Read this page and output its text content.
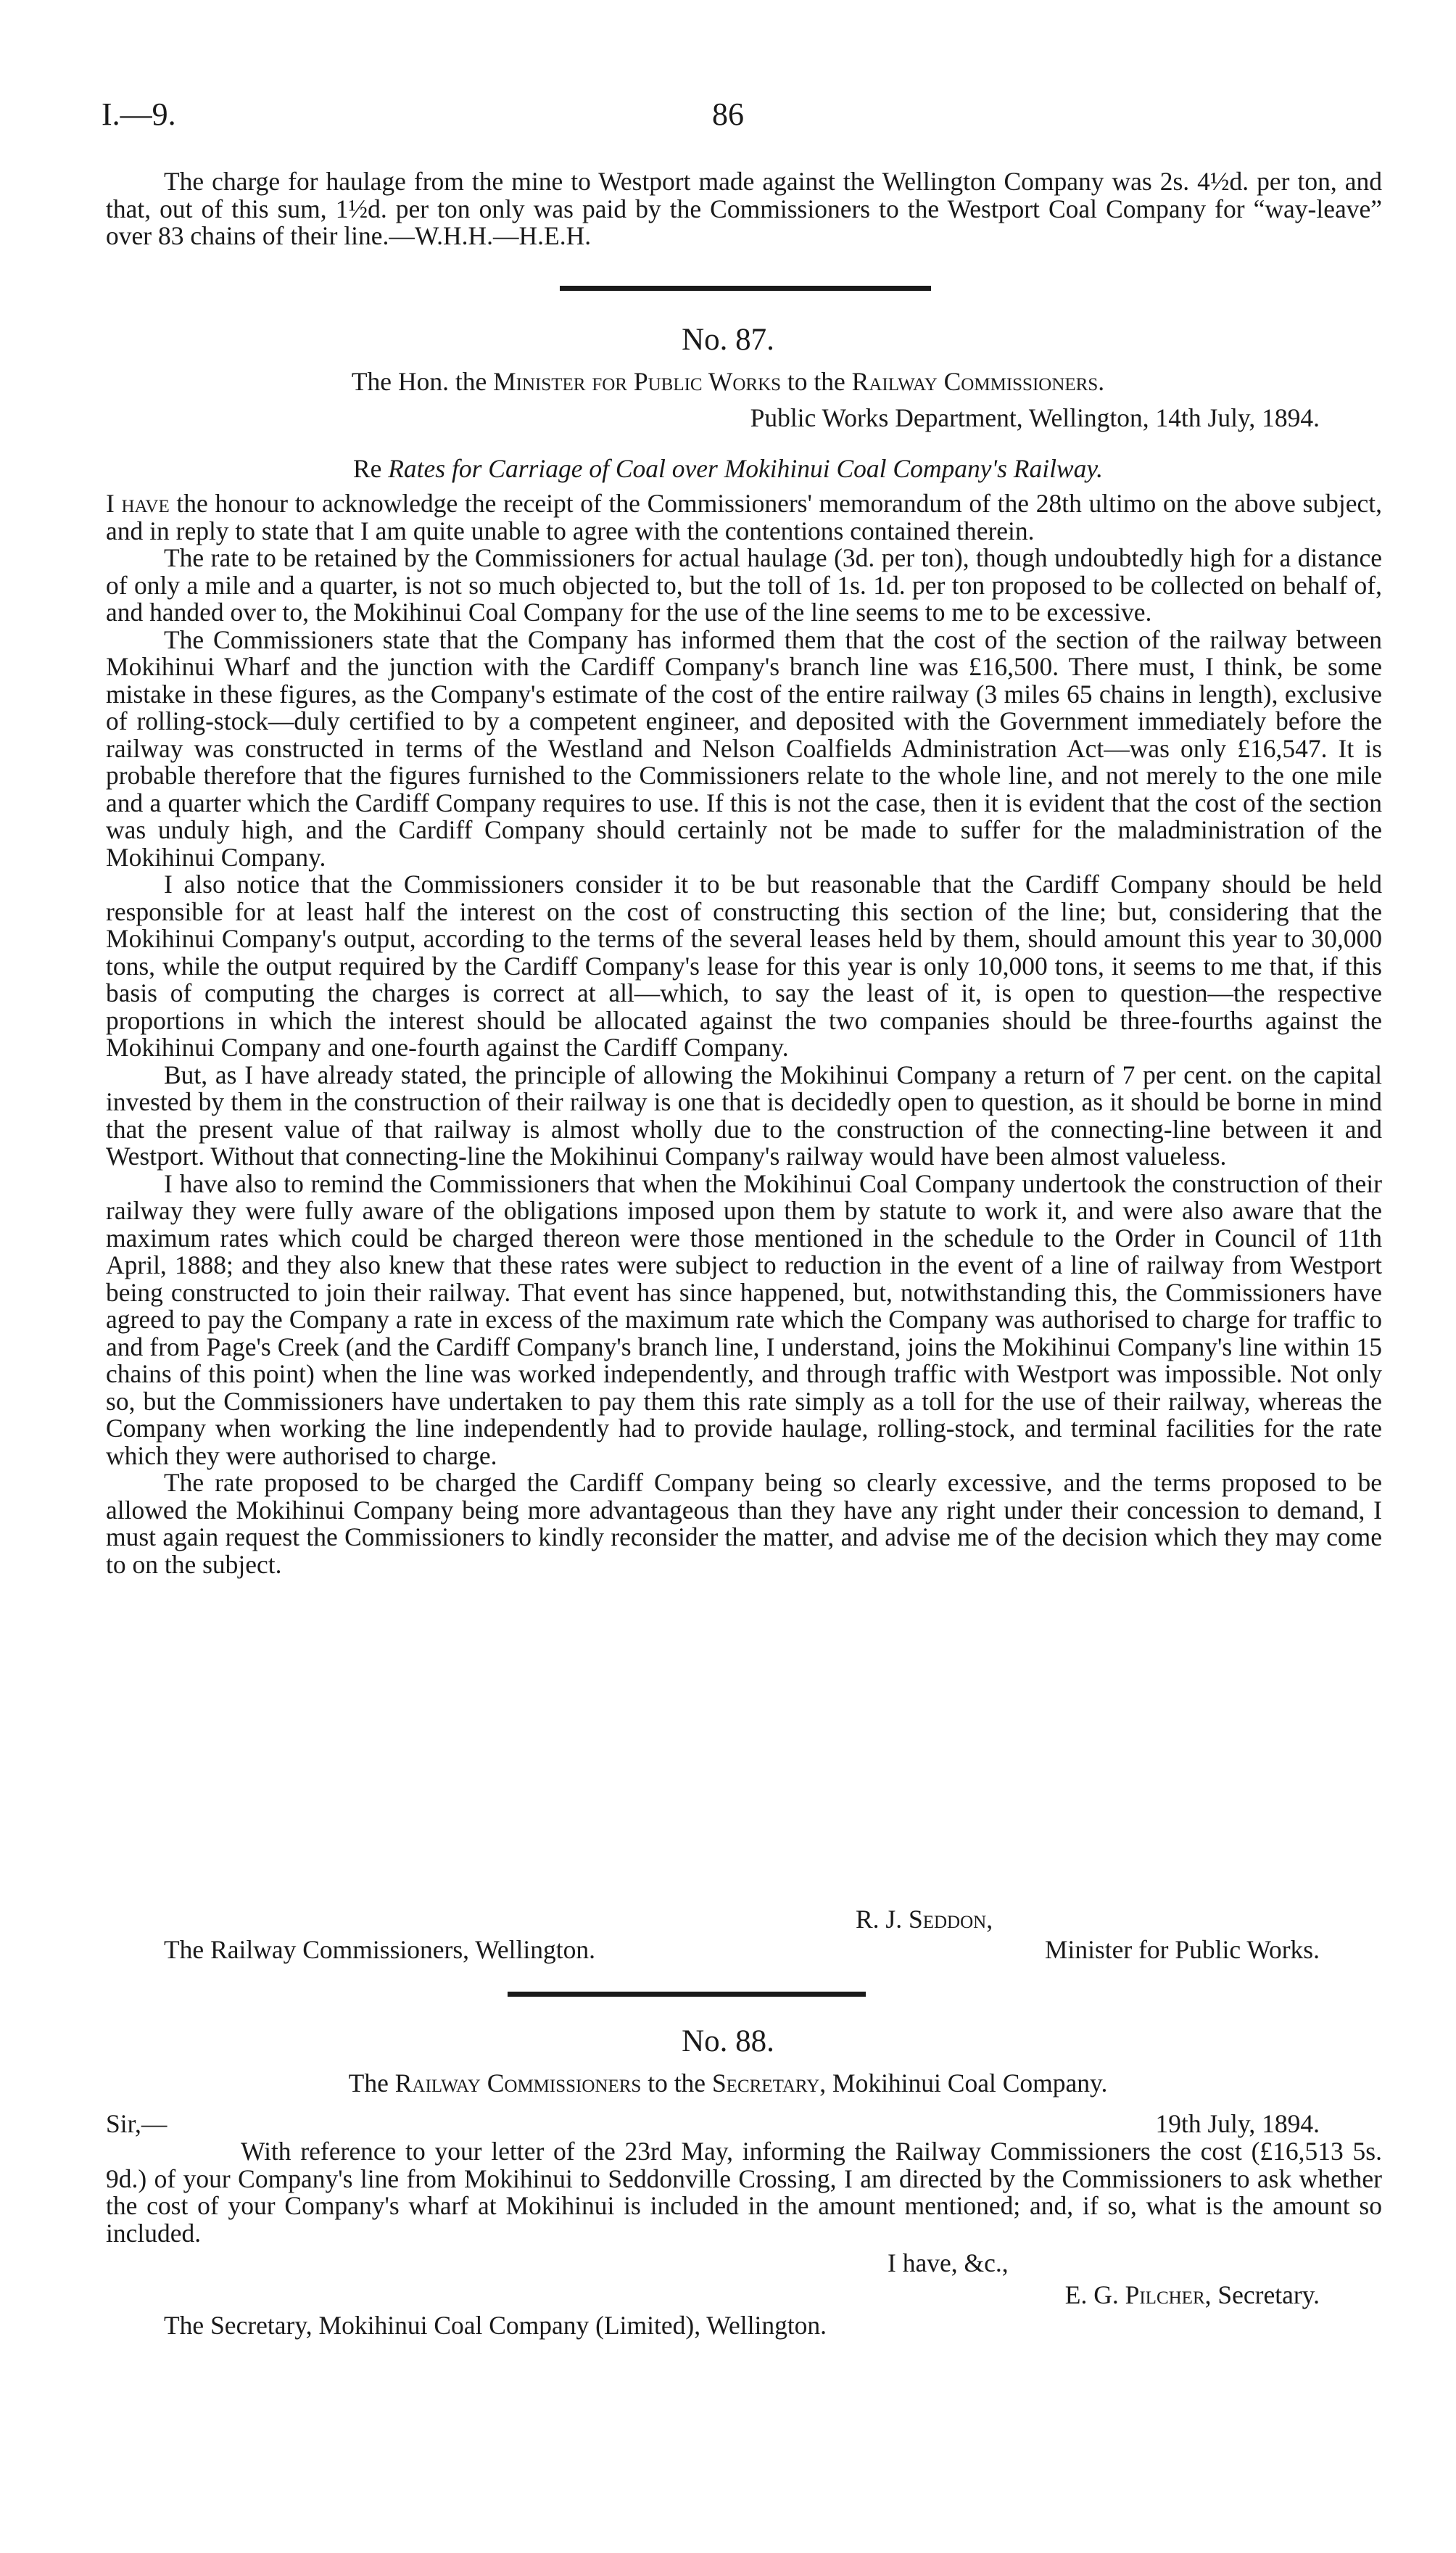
I.—9.	86

The charge for haulage from the mine to Westport made against the Wellington Company was 2s. 4½d. per ton, and that, out of this sum, 1½d. per ton only was paid by the Commissioners to the Westport Coal Company for “way-leave” over 83 chains of their line.—W.H.H.—H.E.H.

No. 87.
The Hon. the Minister for Public Works to the Railway Commissioners.
Public Works Department, Wellington, 14th July, 1894.
Re Rates for Carriage of Coal over Mokihinui Coal Company's Railway.

I have the honour to acknowledge the receipt of the Commissioners' memorandum of the 28th ultimo on the above subject, and in reply to state that I am quite unable to agree with the contentions contained therein.

The rate to be retained by the Commissioners for actual haulage (3d. per ton), though undoubtedly high for a distance of only a mile and a quarter, is not so much objected to, but the toll of 1s. 1d. per ton proposed to be collected on behalf of, and handed over to, the Mokihinui Coal Company for the use of the line seems to me to be excessive.

The Commissioners state that the Company has informed them that the cost of the section of the railway between Mokihinui Wharf and the junction with the Cardiff Company's branch line was £16,500. There must, I think, be some mistake in these figures, as the Company's estimate of the cost of the entire railway (3 miles 65 chains in length), exclusive of rolling-stock—duly certified to by a competent engineer, and deposited with the Government immediately before the railway was constructed in terms of the Westland and Nelson Coalfields Administration Act—was only £16,547. It is probable therefore that the figures furnished to the Commissioners relate to the whole line, and not merely to the one mile and a quarter which the Cardiff Company requires to use. If this is not the case, then it is evident that the cost of the section was unduly high, and the Cardiff Company should certainly not be made to suffer for the maladministration of the Mokihinui Company.

I also notice that the Commissioners consider it to be but reasonable that the Cardiff Company should be held responsible for at least half the interest on the cost of constructing this section of the line; but, considering that the Mokihinui Company's output, according to the terms of the several leases held by them, should amount this year to 30,000 tons, while the output required by the Cardiff Company's lease for this year is only 10,000 tons, it seems to me that, if this basis of computing the charges is correct at all—which, to say the least of it, is open to question—the respective proportions in which the interest should be allocated against the two companies should be three-fourths against the Mokihinui Company and one-fourth against the Cardiff Company.

But, as I have already stated, the principle of allowing the Mokihinui Company a return of 7 per cent. on the capital invested by them in the construction of their railway is one that is decidedly open to question, as it should be borne in mind that the present value of that railway is almost wholly due to the construction of the connecting-line between it and Westport. Without that connecting-line the Mokihinui Company's railway would have been almost valueless.

I have also to remind the Commissioners that when the Mokihinui Coal Company undertook the construction of their railway they were fully aware of the obligations imposed upon them by statute to work it, and were also aware that the maximum rates which could be charged thereon were those mentioned in the schedule to the Order in Council of 11th April, 1888; and they also knew that these rates were subject to reduction in the event of a line of railway from Westport being constructed to join their railway. That event has since happened, but, notwithstanding this, the Commissioners have agreed to pay the Company a rate in excess of the maximum rate which the Company was authorised to charge for traffic to and from Page's Creek (and the Cardiff Company's branch line, I understand, joins the Mokihinui Company's line within 15 chains of this point) when the line was worked independently, and through traffic with Westport was impossible. Not only so, but the Commissioners have undertaken to pay them this rate simply as a toll for the use of their railway, whereas the Company when working the line independently had to provide haulage, rolling-stock, and terminal facilities for the rate which they were authorised to charge.

The rate proposed to be charged the Cardiff Company being so clearly excessive, and the terms proposed to be allowed the Mokihinui Company being more advantageous than they have any right under their concession to demand, I must again request the Commissioners to kindly reconsider the matter, and advise me of the decision which they may come to on the subject.

R. J. Seddon,
The Railway Commissioners, Wellington.	Minister for Public Works.
No. 88.
The Railway Commissioners to the Secretary, Mokihinui Coal Company.
Sir,—	19th July, 1894.

With reference to your letter of the 23rd May, informing the Railway Commissioners the cost (£16,513 5s. 9d.) of your Company's line from Mokihinui to Seddonville Crossing, I am directed by the Commissioners to ask whether the cost of your Company's wharf at Mokihinui is included in the amount mentioned; and, if so, what is the amount so included.

I have, &c.,
E. G. Pilcher, Secretary.
The Secretary, Mokihinui Coal Company (Limited), Wellington.
